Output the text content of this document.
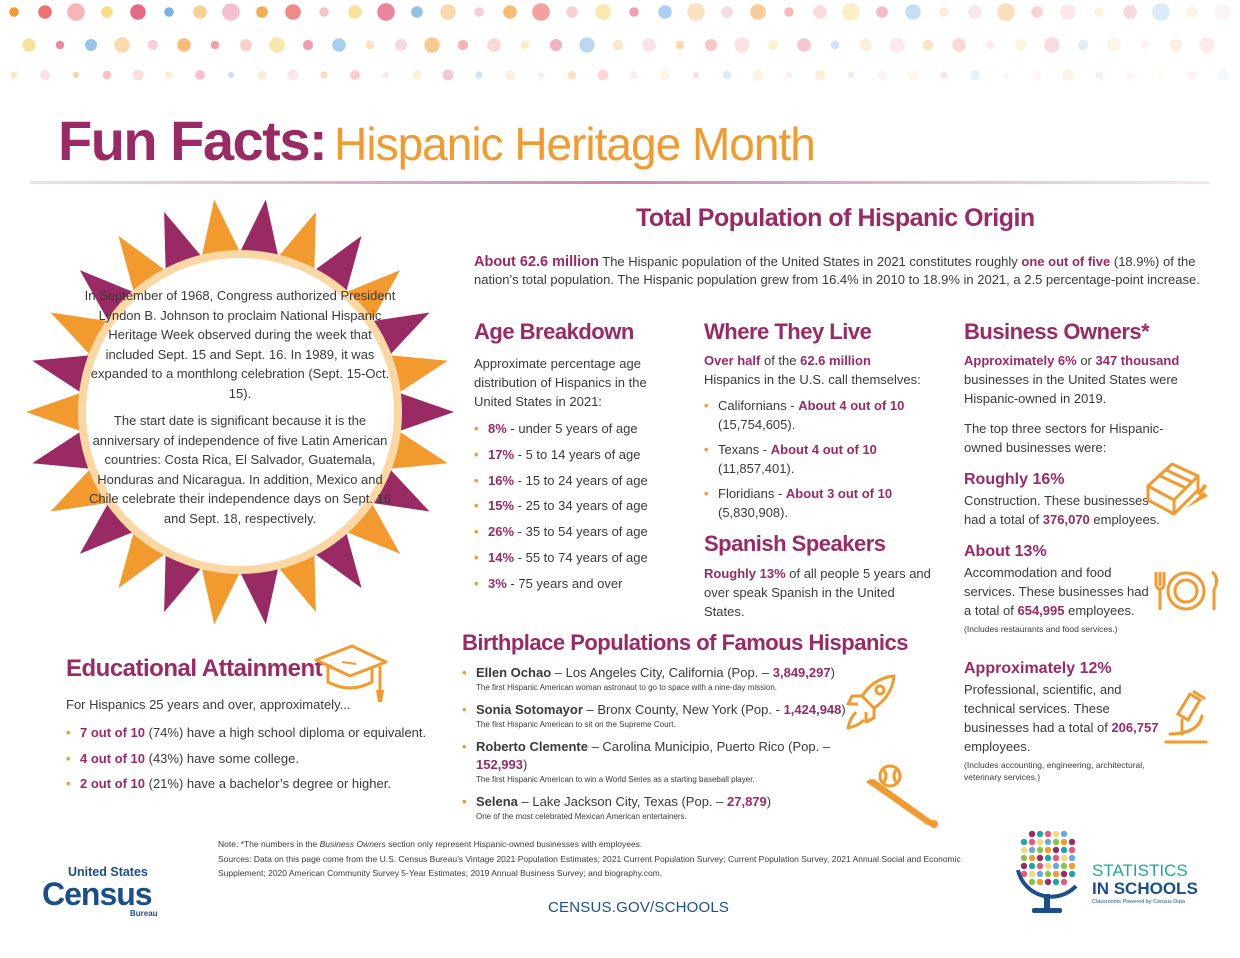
Fun Facts: Hispanic Heritage Month

In September of 1968, Congress authorized President Lyndon B. Johnson to proclaim National Hispanic Heritage Week observed during the week that included Sept. 15 and Sept. 16. In 1989, it was expanded to a monthlong celebration (Sept. 15-Oct. 15).

The start date is significant because it is the anniversary of independence of five Latin American countries: Costa Rica, El Salvador, Guatemala, Honduras and Nicaragua. In addition, Mexico and Chile celebrate their independence days on Sept. 16 and Sept. 18, respectively.

Total Population of Hispanic Origin
About 62.6 million The Hispanic population of the United States in 2021 constitutes roughly one out of five (18.9%) of the nation’s total population. The Hispanic population grew from 16.4% in 2010 to 18.9% in 2021, a 2.5 percentage-point increase.
Age Breakdown
Approximate percentage age distribution of Hispanics in the United States in 2021:
• 8% - under 5 years of age
• 17% - 5 to 14 years of age
• 16% - 15 to 24 years of age
• 15% - 25 to 34 years of age
• 26% - 35 to 54 years of age
• 14% - 55 to 74 years of age
• 3% - 75 years and over
Where They Live
Over half of the 62.6 million Hispanics in the U.S. call themselves:
• Californians - About 4 out of 10 (15,754,605).
• Texans - About 4 out of 10 (11,857,401).
• Floridians - About 3 out of 10 (5,830,908).
Spanish Speakers
Roughly 13% of all people 5 years and over speak Spanish in the United States.
Business Owners*
Approximately 6% or 347 thousand businesses in the United States were Hispanic-owned in 2019.
The top three sectors for Hispanic-owned businesses were:
Roughly 16%
Construction. These businesses had a total of 376,070 employees.
About 13%
Accommodation and food services. These businesses had a total of 654,995 employees.
(Includes restaurants and food services.)
Approximately 12%
Professional, scientific, and technical services. These businesses had a total of 206,757 employees.
(Includes accounting, engineering, architectural, veterinary services.)
Birthplace Populations of Famous Hispanics
• Ellen Ochao – Los Angeles City, California (Pop. – 3,849,297)
The first Hispanic American woman astronaut to go to space with a nine-day mission.
• Sonia Sotomayor – Bronx County, New York (Pop. - 1,424,948)
The first Hispanic American to sit on the Supreme Court.
• Roberto Clemente – Carolina Municipio, Puerto Rico (Pop. – 152,993)
The first Hispanic American to win a World Series as a starting baseball player.
• Selena – Lake Jackson City, Texas (Pop. – 27,879)
One of the most celebrated Mexican American entertainers.
Educational Attainment
For Hispanics 25 years and over, approximately...
• 7 out of 10 (74%) have a high school diploma or equivalent.
• 4 out of 10 (43%) have some college.
• 2 out of 10 (21%) have a bachelor’s degree or higher.
Note: *The numbers in the Business Owners section only represent Hispanic-owned businesses with employees.
Sources: Data on this page come from the U.S. Census Bureau’s Vintage 2021 Population Estimates; 2021 Current Population Survey; Current Population Survey, 2021 Annual Social and Economic Supplement; 2020 American Community Survey 5-Year Estimates; 2019 Annual Business Survey; and biography.com.
CENSUS.GOV/SCHOOLS
United States
Census
Bureau
STATISTICS
IN SCHOOLS
Classrooms Powered by Census Data
